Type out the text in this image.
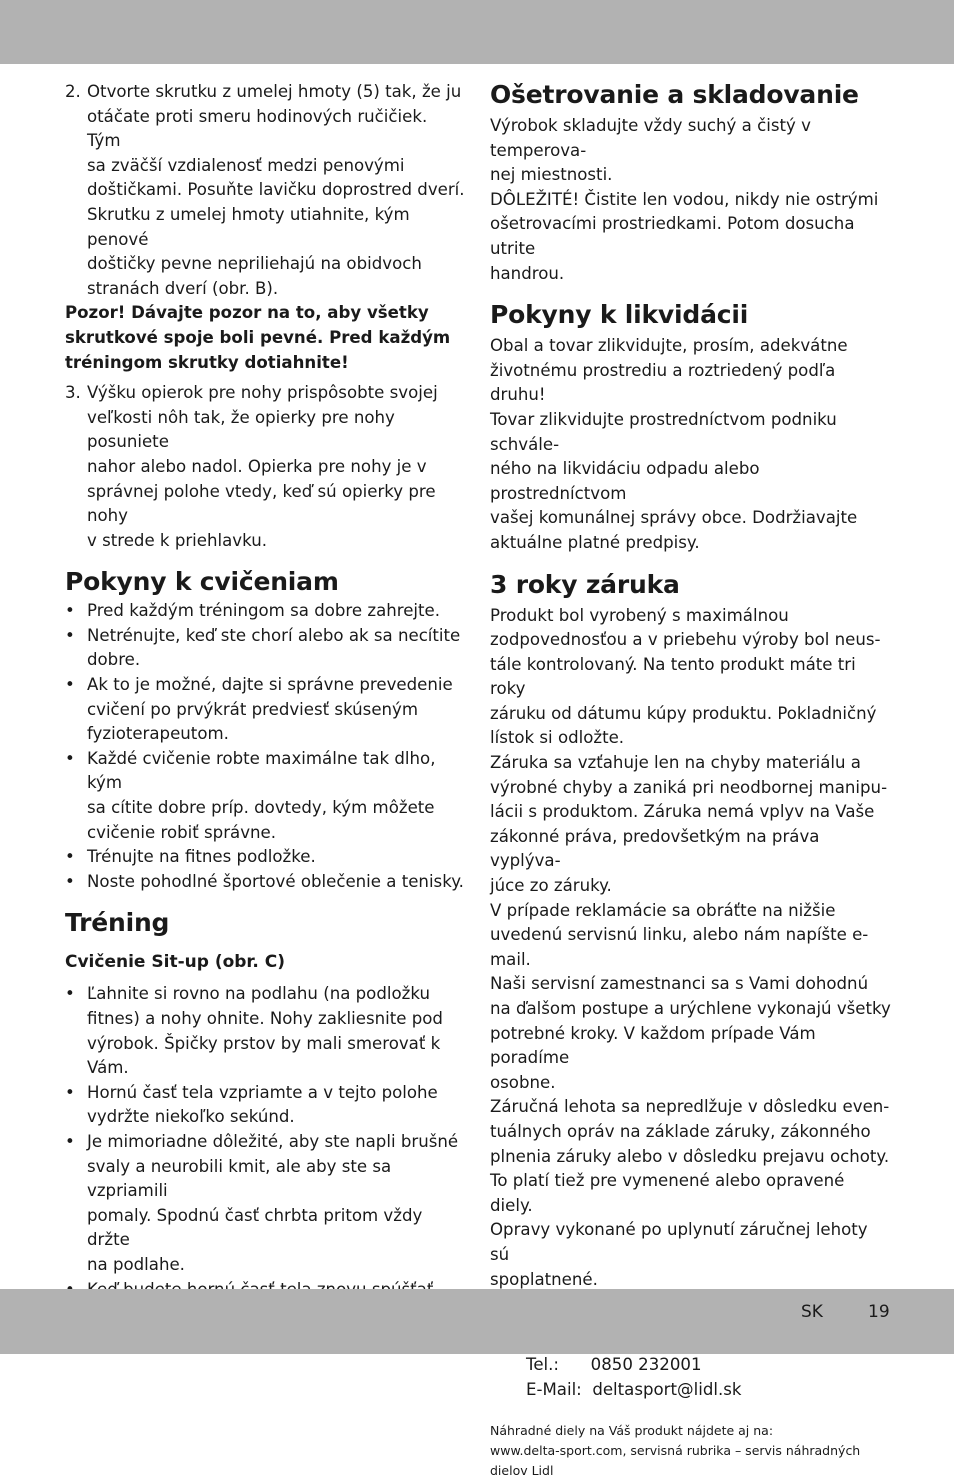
2. Otvorte skrutku z umelej hmoty (5) tak, že ju
otáčate proti smeru hodinových ručičiek. Tým
sa zväčší vzdialenosť medzi penovými
doštičkami. Posuňte lavičku doprostred dverí.
Skrutku z umelej hmoty utiahnite, kým penové
doštičky pevne nepriliehajú na obidvoch
stranách dverí (obr. B).

Pozor! Dávajte pozor na to, aby všetky
skrutkové spoje boli pevné. Pred každým
tréningom skrutky dotiahnite!

3. Výšku opierok pre nohy prispôsobte svojej
veľkosti nôh tak, že opierky pre nohy posuniete
nahor alebo nadol. Opierka pre nohy je v
správnej polohe vtedy, keď sú opierky pre nohy
v strede k priehlavku.
Pokyny k cvičeniam
• Pred každým tréningom sa dobre zahrejte.
• Netrénujte, keď ste chorí alebo ak sa necítite
dobre.
• Ak to je možné, dajte si správne prevedenie
cvičení po prvýkrát predviesť skúseným
fyzioterapeutom.
• Každé cvičenie robte maximálne tak dlho, kým
sa cítite dobre príp. dovtedy, kým môžete
cvičenie robiť správne.
• Trénujte na fitnes podložke.
• Noste pohodlné športové oblečenie a tenisky.
Tréning
Cvičenie Sit-up (obr. C)
• Ľahnite si rovno na podlahu (na podložku
fitnes) a nohy ohnite. Nohy zakliesnite pod
výrobok. Špičky prstov by mali smerovať k
Vám.
• Hornú časť tela vzpriamte a v tejto polohe
vydržte niekoľko sekúnd.
• Je mimoriadne dôležité, aby ste napli brušné
svaly a neurobili kmit, ale aby ste sa vzpriamili
pomaly. Spodnú časť chrbta pritom vždy držte
na podlahe.

Ošetrovanie a skladovanie

Výrobok skladujte vždy suchý a čistý v temperova-
nej miestnosti.
DÔLEŽITÉ! Čistite len vodou, nikdy nie ostrými
ošetrovacími prostriedkami. Potom dosucha utrite
handrou.

Pokyny k likvidácii

Obal a tovar zlikvidujte, prosím, adekvátne
životnému prostrediu a roztriedený podľa druhu!
Tovar zlikvidujte prostredníctvom podniku schvále-
ného na likvidáciu odpadu alebo prostredníctvom
vašej komunálnej správy obce. Dodržiavajte
aktuálne platné predpisy.

3 roky záruka

Produkt bol vyrobený s maximálnou
zodpovednosťou a v priebehu výroby bol neus-
tále kontrolovaný. Na tento produkt máte tri roky
záruku od dátumu kúpy produktu. Pokladničný
lístok si odložte.
Záruka sa vzťahuje len na chyby materiálu a
výrobné chyby a zaniká pri neodbornej manipu-
lácii s produktom. Záruka nemá vplyv na Vaše
zákonné práva, predovšetkým na práva vyplýva-
júce zo záruky.
V prípade reklamácie sa obráťte na nižšie
uvedenú servisnú linku, alebo nám napíšte e-mail.
Naši servisní zamestnanci sa s Vami dohodnú
na ďalšom postupe a urýchlene vykonajú všetky
potrebné kroky. V každom prípade Vám poradíme
osobne.
Záručná lehota sa nepredlžuje v dôsledku even-
tuálnych opráv na základe záruky, zákonného
plnenia záruky alebo v dôsledku prejavu ochoty.
To platí tiež pre vymenené alebo opravené diely.
Opravy vykonané po uplynutí záručnej lehoty sú
spoplatnené.

Tel.:      0850 232001

E-Mail:  deltasport@lidl.sk

Náhradné diely na Váš produkt nájdete aj na:
www.delta-sport.com, servisná rubrika – servis náhradných
dielov Lidl

SK	19
